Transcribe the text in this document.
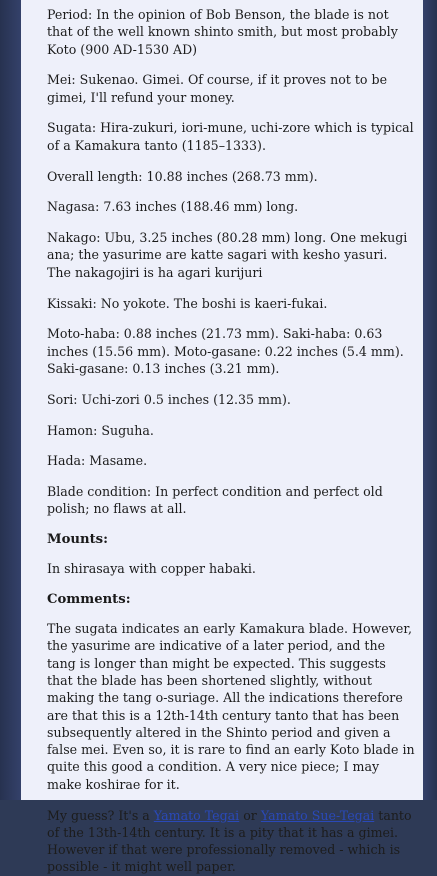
Period: In the opinion of Bob Benson, the blade is not that of the well known shinto smith, but most probably Koto (900 AD-1530 AD)

Mei: Sukenao. Gimei. Of course, if it proves not to be gimei, I'll refund your money.

Sugata: Hira-zukuri, iori-mune, uchi-zore which is typical of a Kamakura tanto (1185–1333).

Overall length: 10.88 inches (268.73 mm).

Nagasa: 7.63 inches (188.46 mm) long.

Nakago: Ubu, 3.25 inches (80.28 mm) long. One mekugi ana; the yasurime are katte sagari with kesho yasuri. The nakagojiri is ha agari kurijuri

Kissaki: No yokote. The boshi is kaeri-fukai.

Moto-haba: 0.88 inches (21.73 mm). Saki-haba: 0.63 inches (15.56 mm). Moto-gasane: 0.22 inches (5.4 mm). Saki-gasane: 0.13 inches (3.21 mm).

Sori: Uchi-zori 0.5 inches (12.35 mm).

Hamon: Suguha.

Hada: Masame.

Blade condition: In perfect condition and perfect old polish; no flaws at all.

Mounts:

In shirasaya with copper habaki.

Comments:

The sugata indicates an early Kamakura blade. However, the yasurime are indicative of a later period, and the tang is longer than might be expected. This suggests that the blade has been shortened slightly, without making the tang o-suriage. All the indications therefore are that this is a 12th-14th century tanto that has been subsequently altered in the Shinto period and given a false mei. Even so, it is rare to find an early Koto blade in quite this good a condition. A very nice piece; I may make koshirae for it.

My guess? It's a Yamato Tegai or Yamato Sue-Tegai tanto of the 13th-14th century. It is a pity that it has a gimei. However if that were professionally removed - which is possible - it might well paper.
